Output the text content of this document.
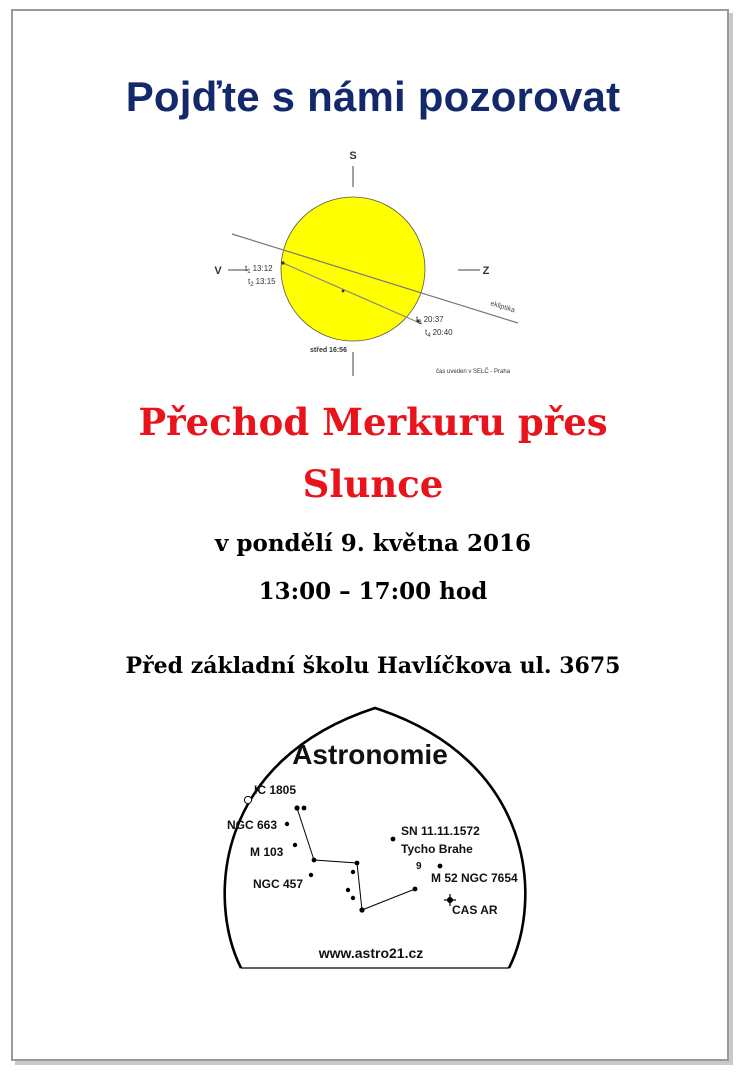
Pojďte s námi pozorovat
S
V	Z
$t_1$ 13:12
$t_2$ 13:15
$t_3$ 20:37
$t_4$ 20:40
střed 16:56
ekliptika
čas uveden v SELČ - Praha
Přechod Merkuru přes
Slunce
v pondělí 9. května 2016
13:00 – 17:00 hod
Před základní školu Havlíčkova ul. 3675
Astronomie
IC 1805
NGC 663
M 103
NGC 457
SN 11.11.1572
Tycho Brahe
9
M 52 NGC 7654
CAS AR
www.astro21.cz
